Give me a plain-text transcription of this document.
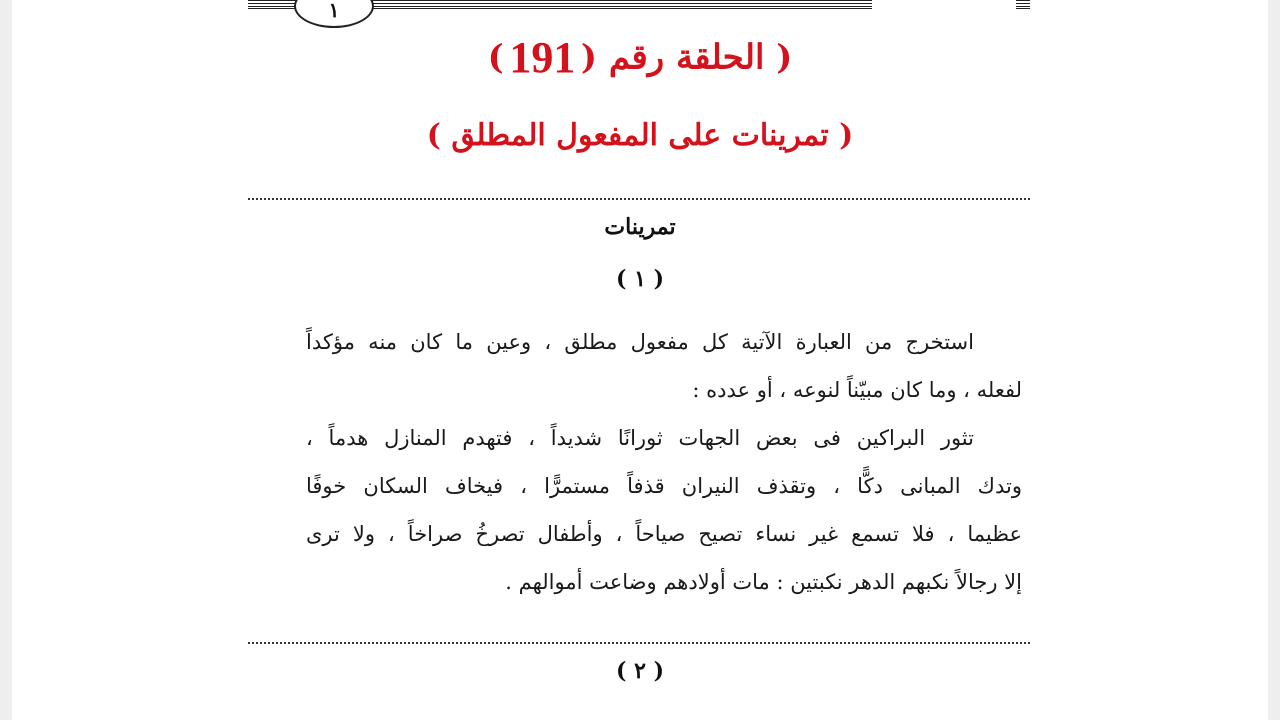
١
( الحلقة رقم ( 191 )
( تمرينات على المفعول المطلق )
تمرينات
( ١ )
استخرج من العبارة الآتية كل مفعول مطلق ، وعين ما كان منه مؤكداً
لفعله ، وما كان مبيّناً لنوعه ، أو عدده :
تثور البراكين فى بعض الجهات ثورانًا شديداً ، فتهدم المنازل هدماً ،
وتدك المبانى دكًّا ، وتقذف النيران قذفاً مستمرًّا ، فيخاف السكان خوفًا
عظيما ، فلا تسمع غير نساء تصيح صياحاً ، وأطفال تصرخُ صراخاً ، ولا ترى
إلا رجالاً نكبهم الدهر نكبتين : مات أولادهم وضاعت أموالهم .
( ٢ )
